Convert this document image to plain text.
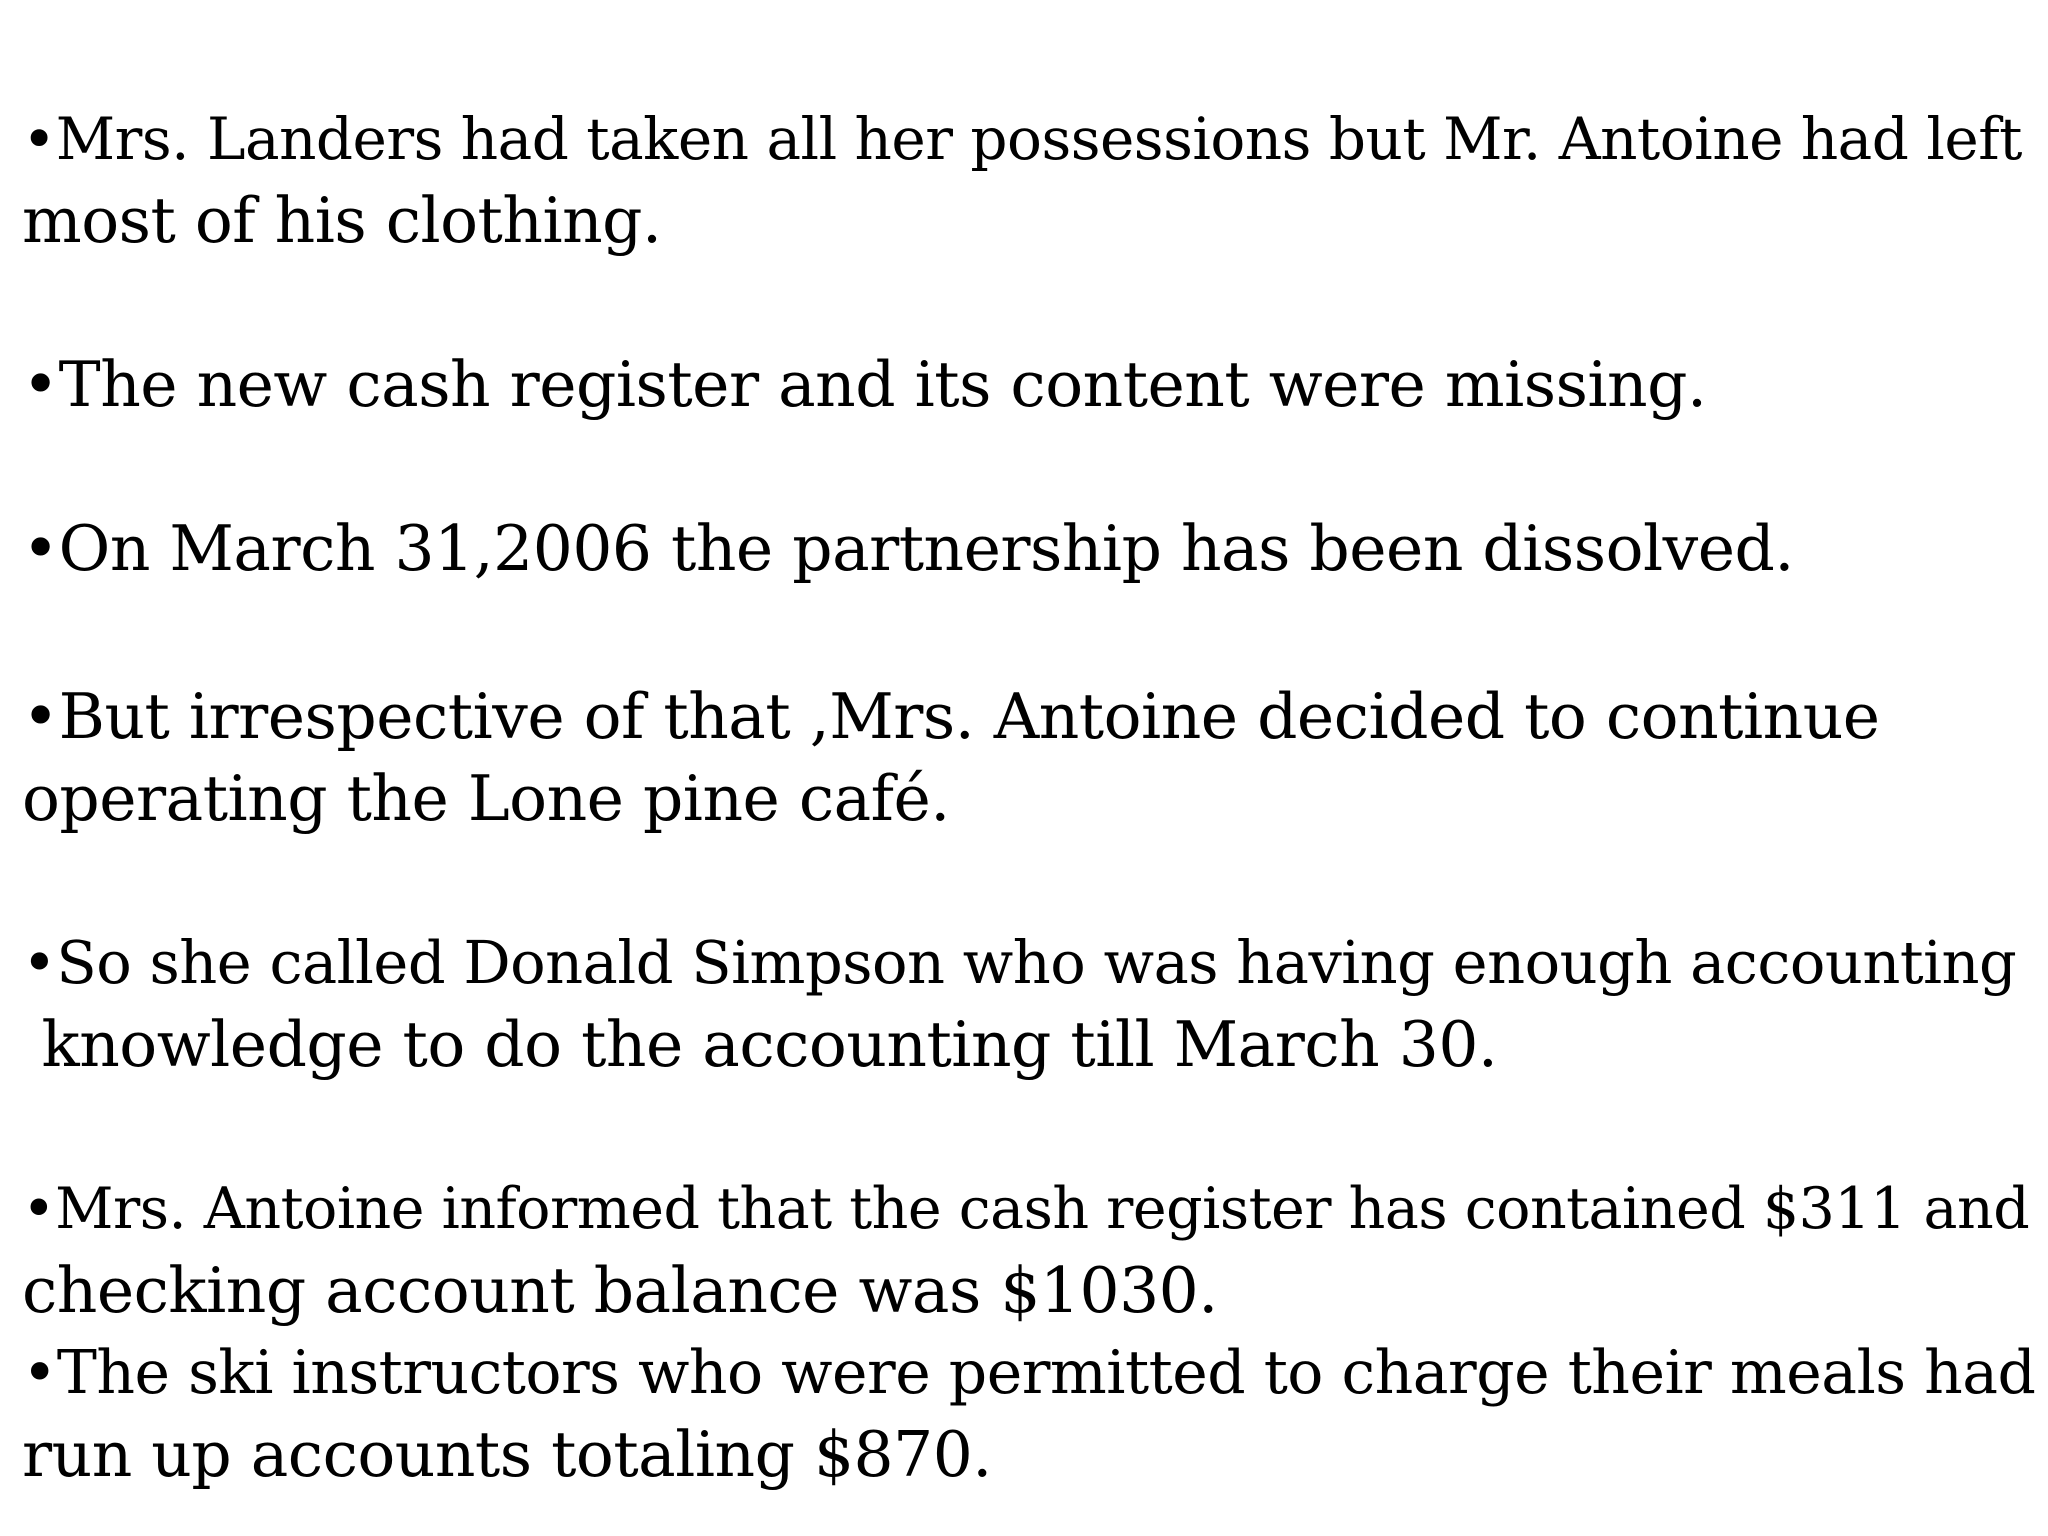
•Mrs. Landers had taken all her possessions but Mr. Antoine had left

most of his clothing.

•The new cash register and its content were missing.

•On March 31,2006 the partnership has been dissolved.

•But irrespective of that ,Mrs. Antoine decided to continue

operating the Lone pine café.

•So she called Donald Simpson who was having enough accounting

knowledge to do the accounting till March 30.

•Mrs. Antoine informed that the cash register has contained $311 and

checking account balance was $1030.

•The ski instructors who were permitted to charge their meals had

run up accounts totaling $870.
